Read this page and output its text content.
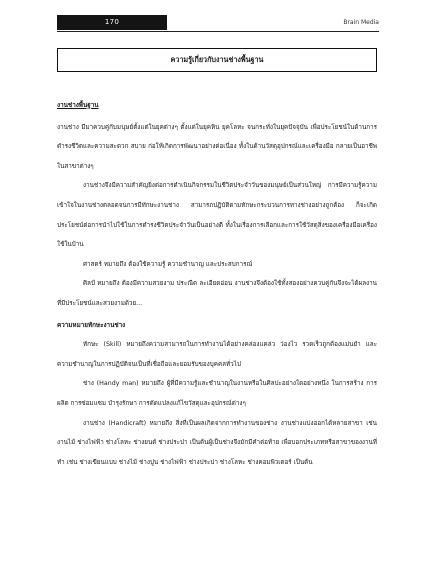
170	Brain Media
ความรู้เกี่ยวกับงานช่างพื้นฐาน

งานช่างพื้นฐาน

งานช่าง มีมาควบคู่กับมนุษย์ตั้งแต่ในยุคต่างๆ ตั้งแต่ในยุคหิน ยุคโลหะ จนกระทั่งในยุคปัจจุบัน เพื่อประโยชน์ในด้านการดำรงชีวิตและความสะดวก สบาย ก่อให้เกิดการพัฒนาอย่างต่อเนื่อง ทั้งในด้านวัสดุอุปกรณ์และเครื่องมือ กลายเป็นอาชีพในสาขาต่างๆ

งานช่างจึงมีความสำคัญยิ่งต่อการดำเนินกิจกรรมในชีวิตประจำวันของมนุษย์เป็นส่วนใหญ่ การมีความรู้ความเข้าใจในงานช่างตลอดจนการมีทักษะงานช่าง สามารถปฏิบัติตามทักษะกระบวนการทางช่างอย่างถูกต้อง ก็จะเกิดประโยชน์ต่อการนำไปใช้ในการดำรงชีวิตประจำวันเป็นอย่างดี ทั้งในเรื่องการเลือกและการใช้วัสดุสิ่งของเครื่องมือเครื่องใช้ในบ้าน

ศาสตร์ หมายถึง ต้องใช้ความรู้ ความชำนาญ และประสบการณ์

ศิลป์ หมายถึง ต้องมีความสวยงาม ประณีต ละเอียดอ่อน งานช่างจึงต้องใช้ทั้งสองอย่างควบคู่กันจึงจะได้ผลงานที่มีประโยชน์และสวยงามด้วย...

ความหมายทักษะงานช่าง

ทักษะ (Skill) หมายถึงความสามารถในการทำงานได้อย่างคล่องแคล่ว ว่องไว รวดเร็วถูกต้องแม่นยำ และความชำนาญในการปฏิบัติจนเป็นที่เชื่อถือและยอมรับของบุคคลทั่วไป

ช่าง (Handy man) หมายถึง ผู้ที่มีความรู้และชำนาญในงานหรือในศิลปะอย่างใดอย่างหนึ่ง ในการสร้าง การผลิต การซ่อมแซม บำรุงรักษา การดัดแปลงแก้ไขวัสดุและอุปกรณ์ต่างๆ

งานช่าง (Handicraft) หมายถึง สิ่งที่เป็นผลเกิดจากการทำงานของช่าง งานช่างแบ่งออกได้หลายสาขา เช่น งานไม้ ช่างไฟฟ้า ช่างโลหะ ช่างยนต์ ช่างประปา เป็นต้นผู้เป็นช่างจึงมักมีคำต่อท้าย เพื่อบอกประเภทหรือสาขาของงานที่ทำ เช่น ช่างเขียนแบบ ช่างไม้ ช่างปูน ช่างไฟฟ้า ช่างประปา ช่างโลหะ ช่างคอมพิวเตอร์ เป็นต้น
